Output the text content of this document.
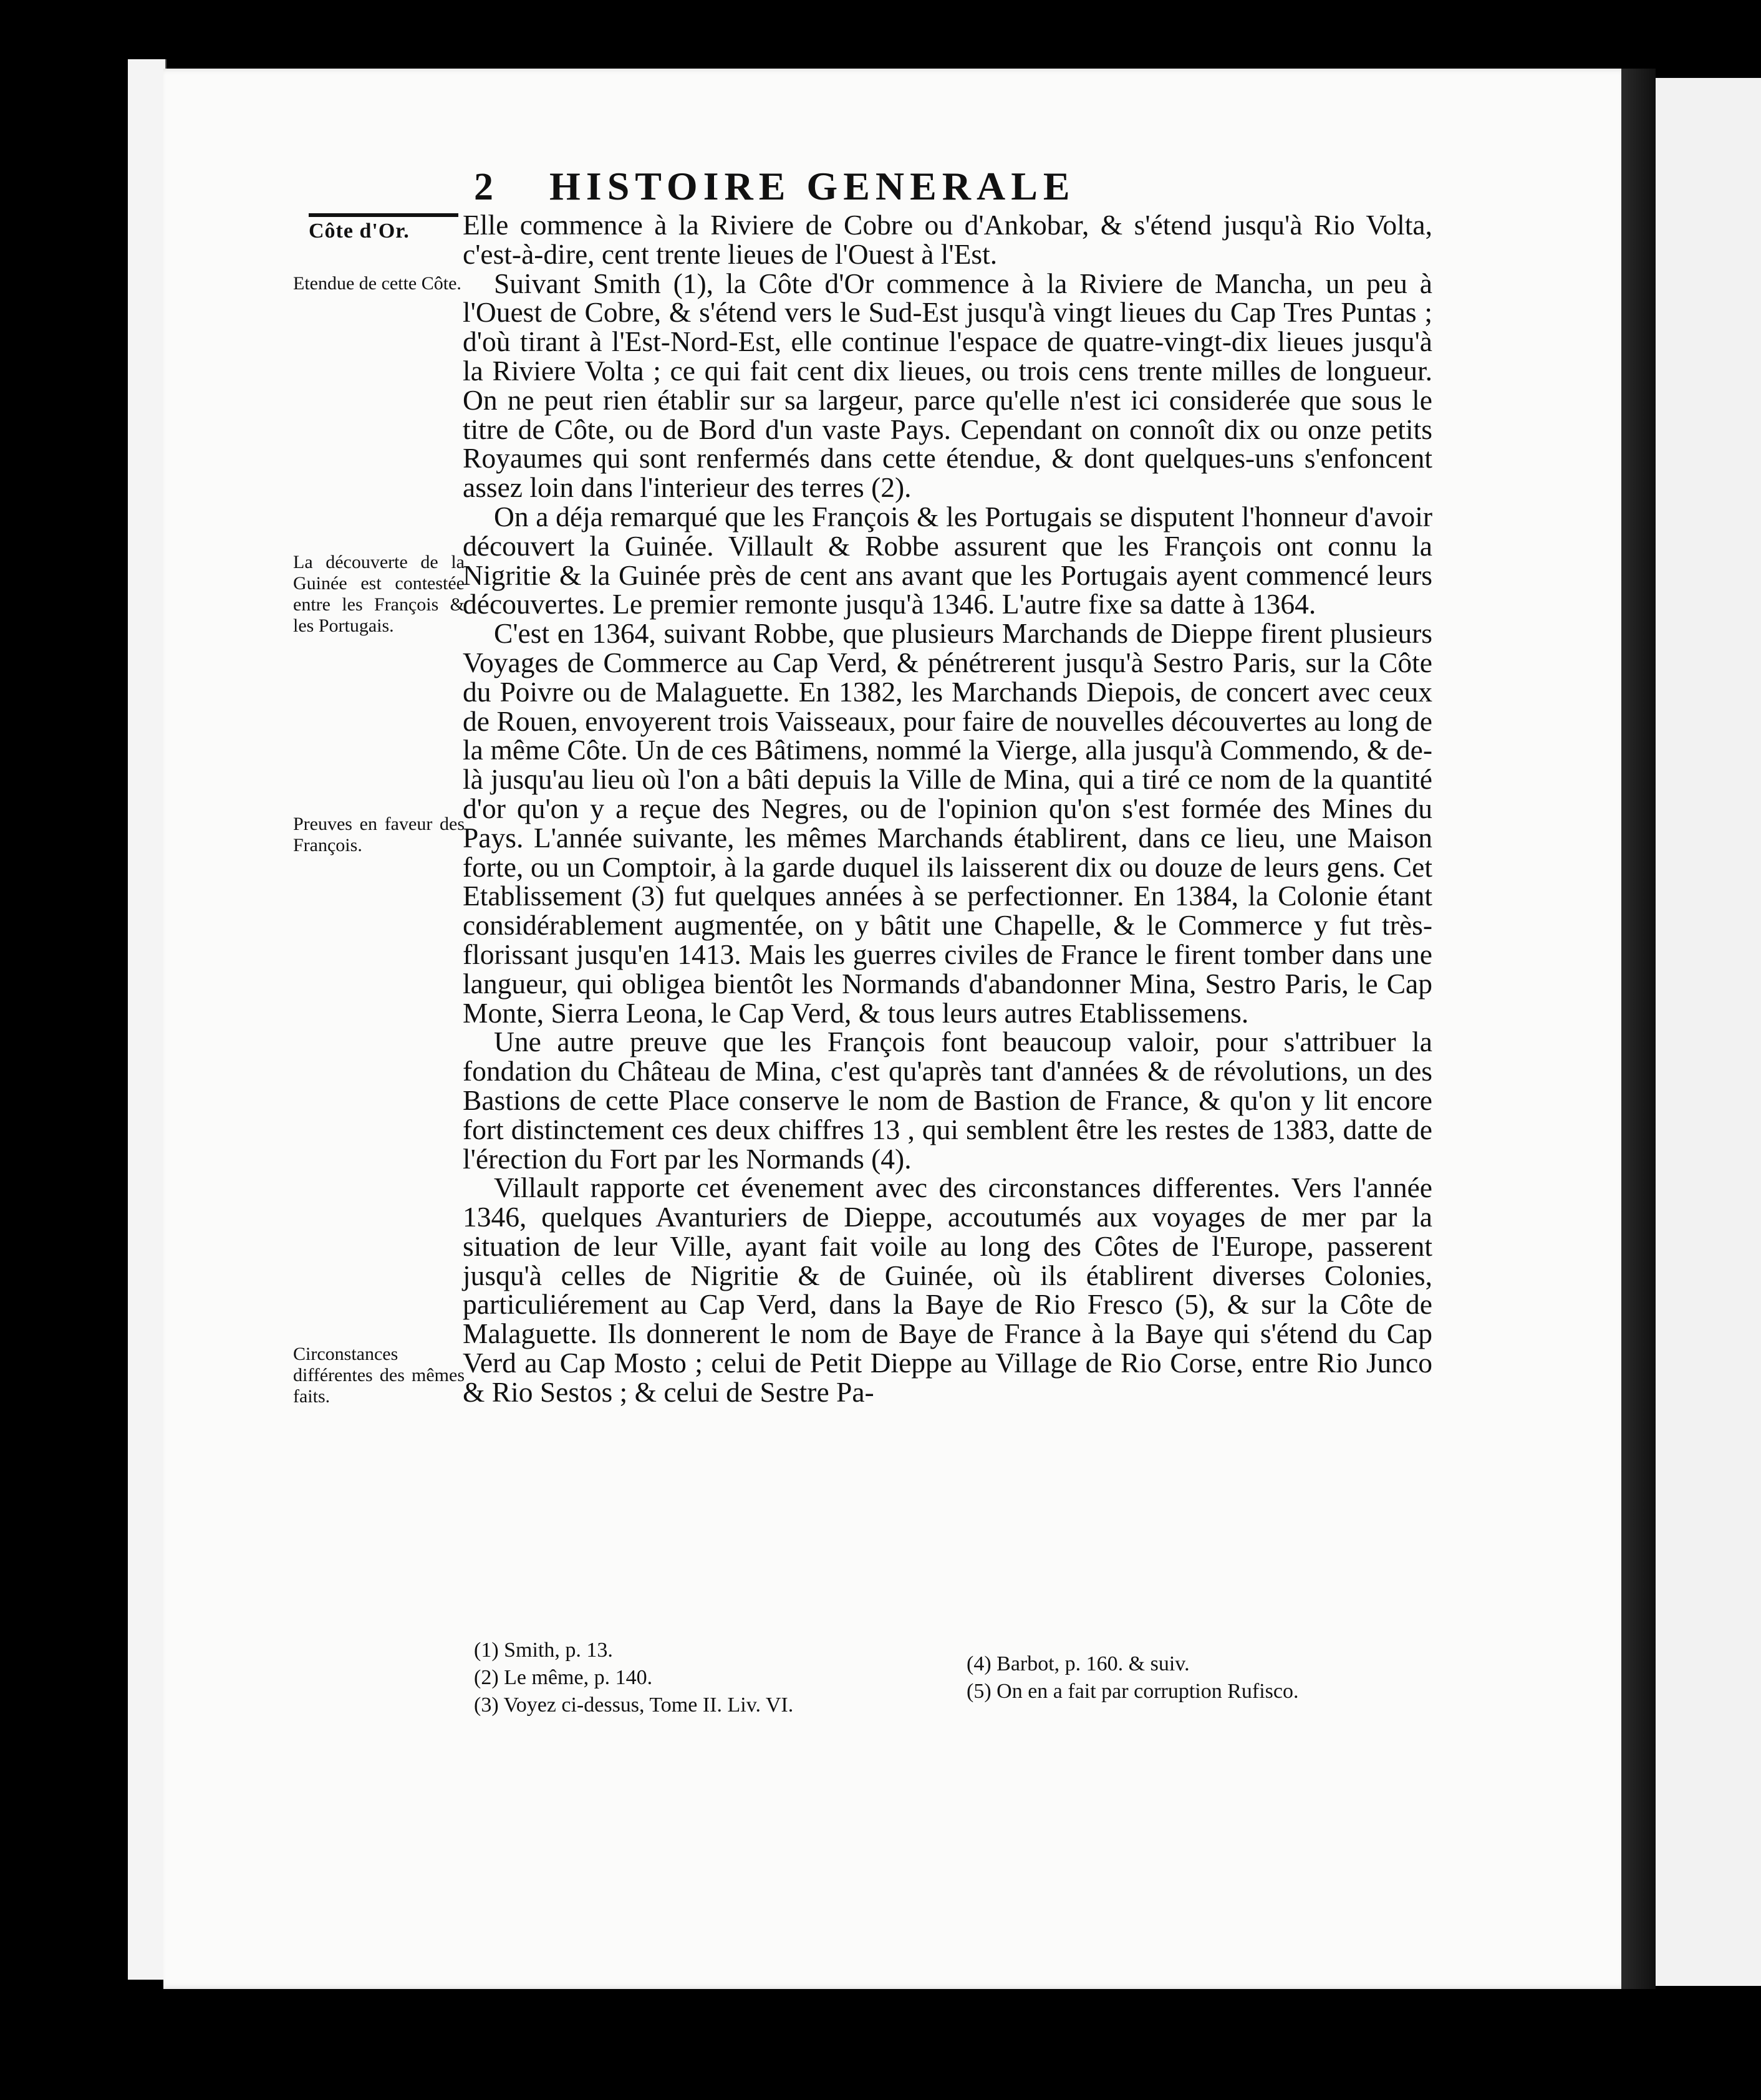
2 HISTOIRE GENERALE
Côte d'Or.
Etendue de cette Côte.
La découverte de la Guinée est contestée entre les François & les Portugais.
Preuves en faveur des François.
Circonstances différentes des mêmes faits.

Elle commence à la Riviere de Cobre ou d'Ankobar, & s'étend jusqu'à Rio Volta, c'est-à-dire, cent trente lieues de l'Ouest à l'Est.

Suivant Smith (1), la Côte d'Or commence à la Riviere de Mancha, un peu à l'Ouest de Cobre, & s'étend vers le Sud-Est jusqu'à vingt lieues du Cap Tres Puntas ; d'où tirant à l'Est-Nord-Est, elle continue l'espace de quatre-vingt-dix lieues jusqu'à la Riviere Volta ; ce qui fait cent dix lieues, ou trois cens trente milles de longueur. On ne peut rien établir sur sa largeur, parce qu'elle n'est ici considerée que sous le titre de Côte, ou de Bord d'un vaste Pays. Cependant on connoît dix ou onze petits Royaumes qui sont renfermés dans cette étendue, & dont quelques-uns s'enfoncent assez loin dans l'interieur des terres (2).

On a déja remarqué que les François & les Portugais se disputent l'honneur d'avoir découvert la Guinée. Villault & Robbe assurent que les François ont connu la Nigritie & la Guinée près de cent ans avant que les Portugais ayent commencé leurs découvertes. Le premier remonte jusqu'à 1346. L'autre fixe sa datte à 1364.

C'est en 1364, suivant Robbe, que plusieurs Marchands de Dieppe firent plusieurs Voyages de Commerce au Cap Verd, & pénétrerent jusqu'à Sestro Paris, sur la Côte du Poivre ou de Malaguette. En 1382, les Marchands Diepois, de concert avec ceux de Rouen, envoyerent trois Vaisseaux, pour faire de nouvelles découvertes au long de la même Côte. Un de ces Bâtimens, nommé la Vierge, alla jusqu'à Commendo, & de-là jusqu'au lieu où l'on a bâti depuis la Ville de Mina, qui a tiré ce nom de la quantité d'or qu'on y a reçue des Negres, ou de l'opinion qu'on s'est formée des Mines du Pays. L'année suivante, les mêmes Marchands établirent, dans ce lieu, une Maison forte, ou un Comptoir, à la garde duquel ils laisserent dix ou douze de leurs gens. Cet Etablissement (3) fut quelques années à se perfectionner. En 1384, la Colonie étant considérablement augmentée, on y bâtit une Chapelle, & le Commerce y fut très-florissant jusqu'en 1413. Mais les guerres civiles de France le firent tomber dans une langueur, qui obligea bientôt les Normands d'abandonner Mina, Sestro Paris, le Cap Monte, Sierra Leona, le Cap Verd, & tous leurs autres Etablissemens.

Une autre preuve que les François font beaucoup valoir, pour s'attribuer la fondation du Château de Mina, c'est qu'après tant d'années & de révolutions, un des Bastions de cette Place conserve le nom de Bastion de France, & qu'on y lit encore fort distinctement ces deux chiffres 13 , qui semblent être les restes de 1383, datte de l'érection du Fort par les Normands (4).

Villault rapporte cet évenement avec des circonstances differentes. Vers l'année 1346, quelques Avanturiers de Dieppe, accoutumés aux voyages de mer par la situation de leur Ville, ayant fait voile au long des Côtes de l'Europe, passerent jusqu'à celles de Nigritie & de Guinée, où ils établirent diverses Colonies, particuliérement au Cap Verd, dans la Baye de Rio Fresco (5), & sur la Côte de Malaguette. Ils donnerent le nom de Baye de France à la Baye qui s'étend du Cap Verd au Cap Mosto ; celui de Petit Dieppe au Village de Rio Corse, entre Rio Junco & Rio Sestos ; & celui de Sestre Pa-

(1) Smith, p. 13.
(2) Le même, p. 140.
(3) Voyez ci-dessus, Tome II. Liv. VI.
(4) Barbot, p. 160. & suiv.
(5) On en a fait par corruption Rufisco.
